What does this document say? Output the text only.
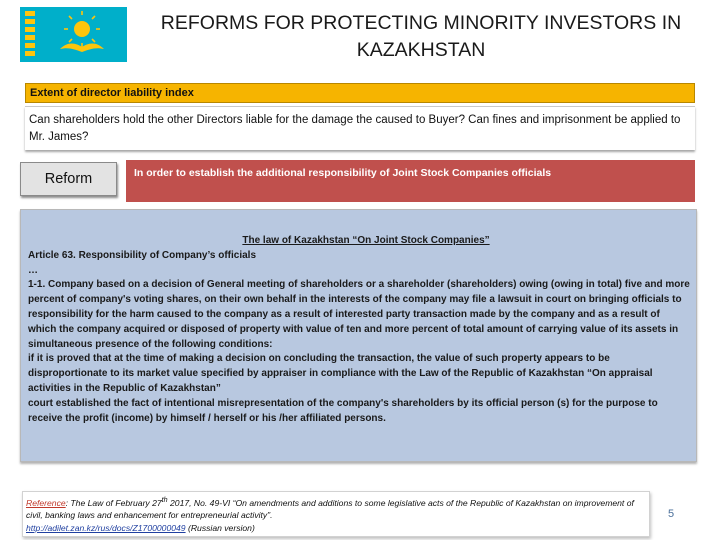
REFORMS FOR PROTECTING MINORITY INVESTORS IN
KAZAKHSTAN
Extent of director liability index
Can shareholders hold the other Directors liable for the damage the caused to Buyer? Can fines and imprisonment be applied to Mr. James?
Reform	In order to establish the additional responsibility of Joint Stock Companies officials
The law of Kazakhstan “On Joint Stock Companies”

Article 63. Responsibility of Company’s officials

…

1-1. Company based on a decision of General meeting of shareholders or a shareholder (shareholders) owing (owing in total) five and more percent of company's voting shares, on their own behalf in the interests of the company may file a lawsuit in court on bringing officials to responsibility for the harm caused to the company as a result of interested party transaction made by the company and as a result of which the company acquired or disposed of property with value of ten and more percent of total amount of carrying value of its assets in simultaneous presence of the following conditions:

if it is proved that at the time of making a decision on concluding the transaction, the value of such property appears to be disproportionate to its market value specified by appraiser in compliance with the Law of the Republic of Kazakhstan “On appraisal activities in the Republic of Kazakhstan”

court established the fact of intentional misrepresentation of the company's shareholders by its official person (s) for the purpose to receive the profit (income) by himself / herself or his /her affiliated persons.

Reference: The Law of February 27th 2017, No. 49-VI “On amendments and additions to some legislative acts of the Republic of Kazakhstan on improvement of civil, banking laws and enhancement for entrepreneurial activity”.
http://adilet.zan.kz/rus/docs/Z1700000049 (Russian version)
5
